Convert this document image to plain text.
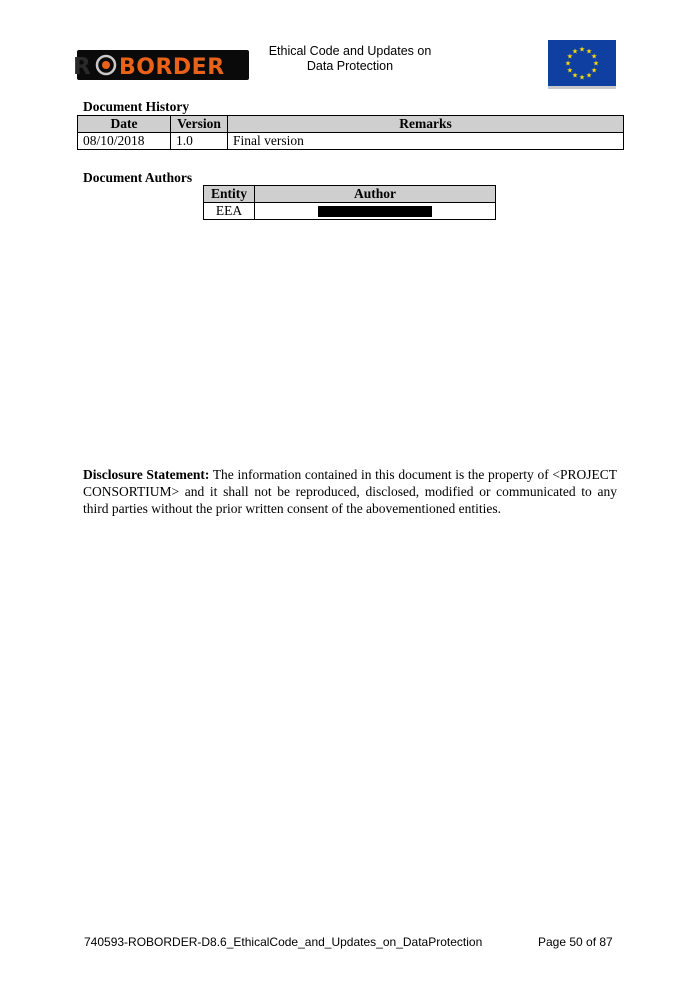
R BORDER
Ethical Code and Updates on
Data Protection
★ ★
★
★
★
★
★
★
★
★
★
★
Document History
Date	Version	Remarks
08/10/2018	1.0	Final version
Document Authors
Entity	Author
EEA	
Disclosure Statement: The information contained in this document is the property of <PROJECT CONSORTIUM> and it shall not be reproduced, disclosed, modified or communicated to any third parties without the prior written consent of the abovementioned entities.
740593-ROBORDER-D8.6_EthicalCode_and_Updates_on_DataProtection	Page 50 of 87
